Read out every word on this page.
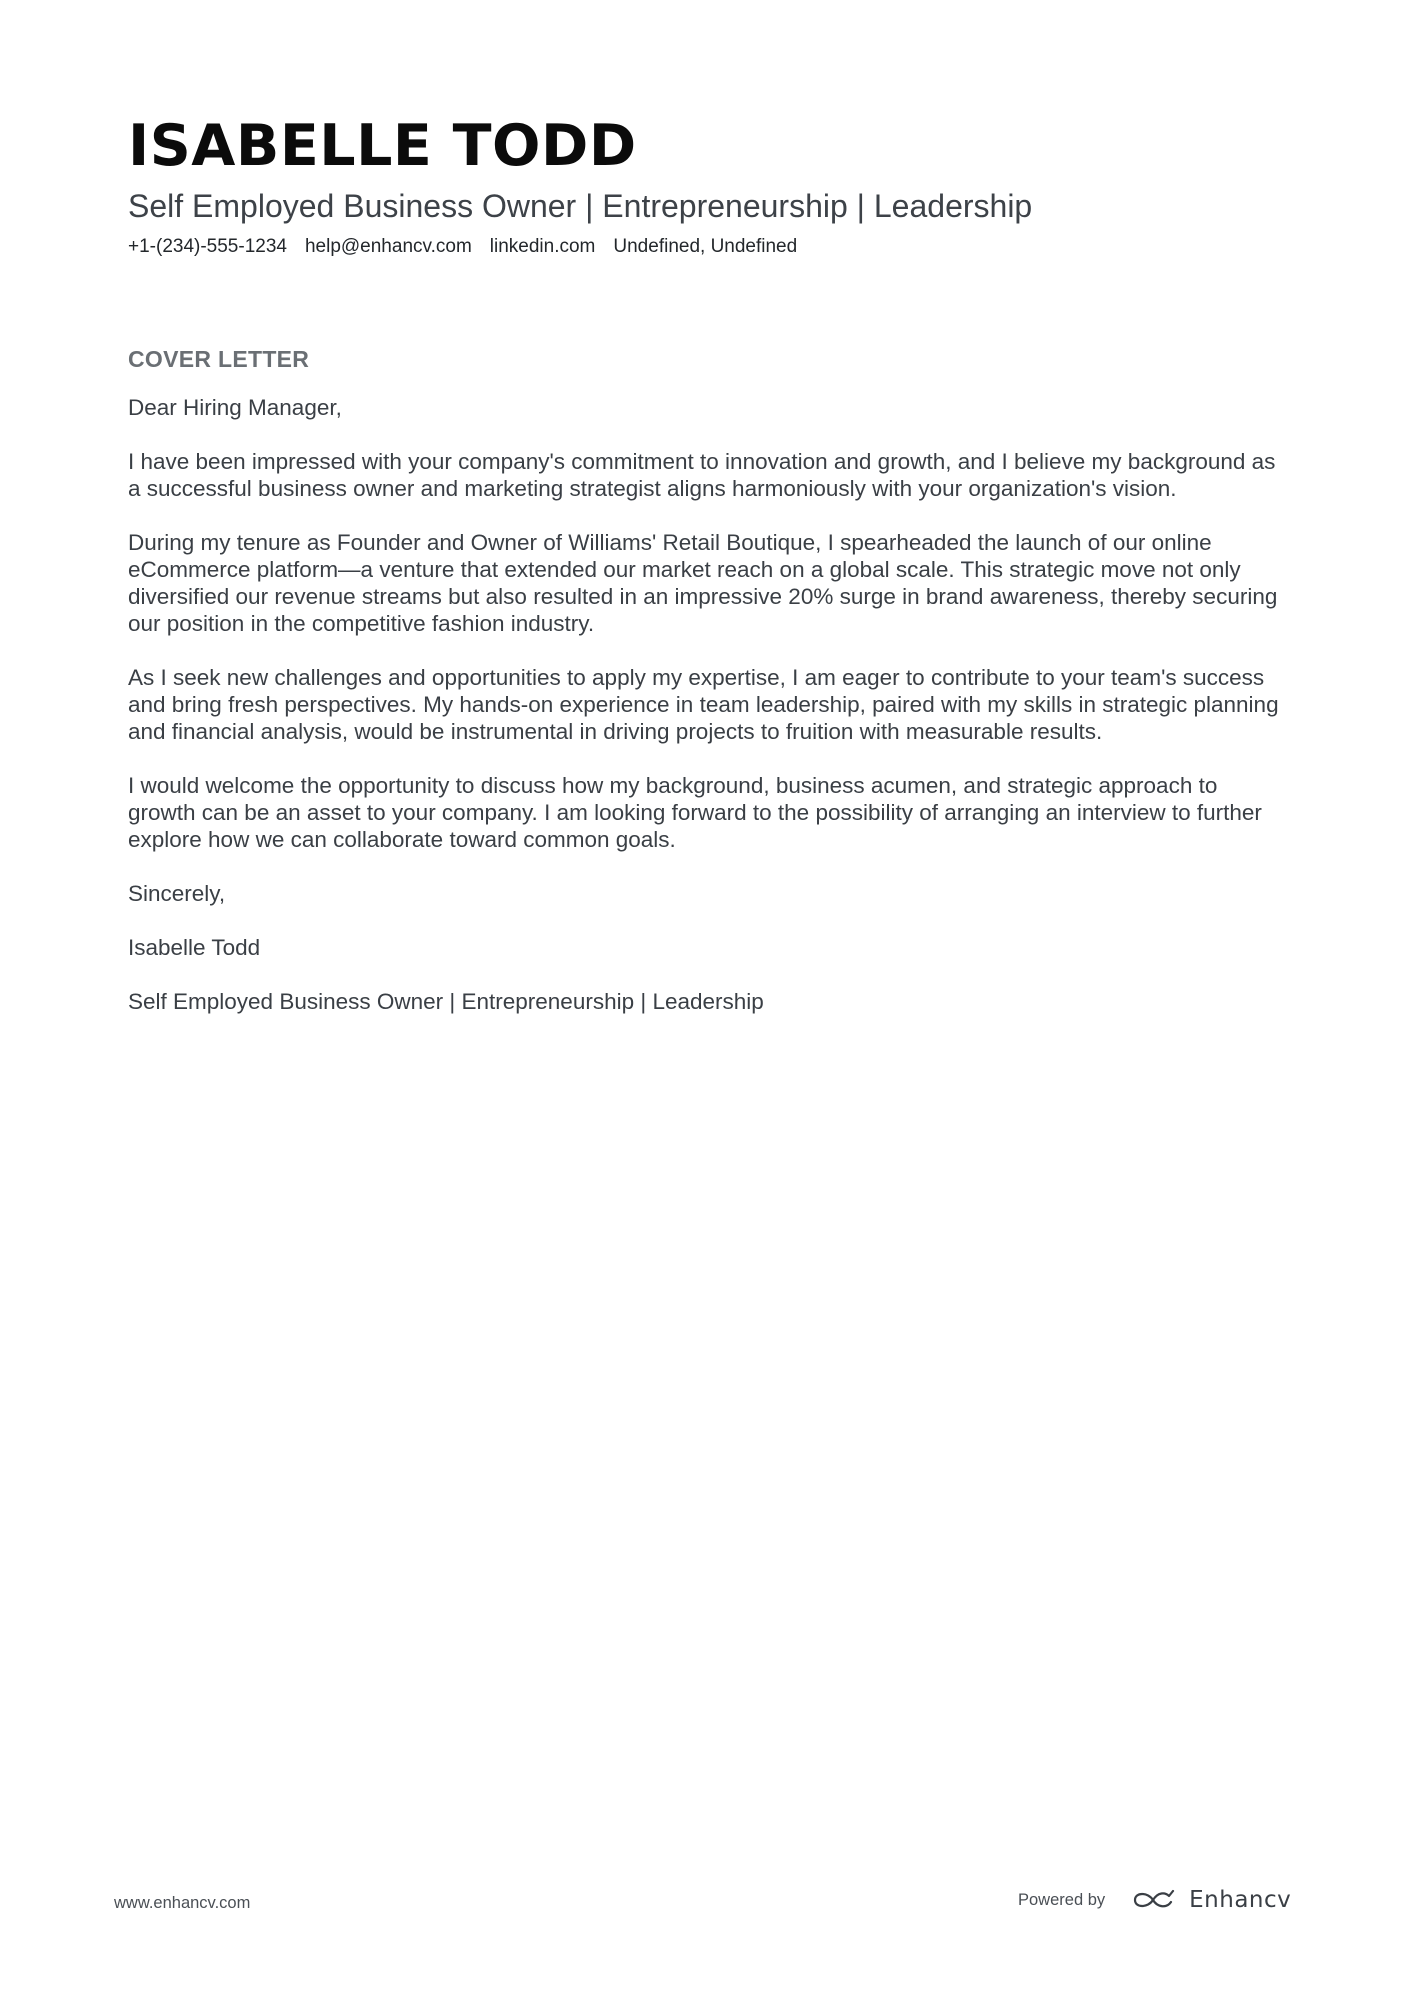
ISABELLE TODD
Self Employed Business Owner | Entrepreneurship | Leadership
+1-(234)-555-1234 help@enhancv.com linkedin.com Undefined, Undefined
COVER LETTER

Dear Hiring Manager,

I have been impressed with your company's commitment to innovation and growth, and I believe my background as a successful business owner and marketing strategist aligns harmoniously with your organization's vision.

During my tenure as Founder and Owner of Williams' Retail Boutique, I spearheaded the launch of our online eCommerce platform—a venture that extended our market reach on a global scale. This strategic move not only diversified our revenue streams but also resulted in an impressive 20% surge in brand awareness, thereby securing our position in the competitive fashion industry.

As I seek new challenges and opportunities to apply my expertise, I am eager to contribute to your team's success and bring fresh perspectives. My hands-on experience in team leadership, paired with my skills in strategic planning and financial analysis, would be instrumental in driving projects to fruition with measurable results.

I would welcome the opportunity to discuss how my background, business acumen, and strategic approach to growth can be an asset to your company. I am looking forward to the possibility of arranging an interview to further explore how we can collaborate toward common goals.

Sincerely,

Isabelle Todd

Self Employed Business Owner | Entrepreneurship | Leadership

www.enhancv.com	Powered by	Enhancv
